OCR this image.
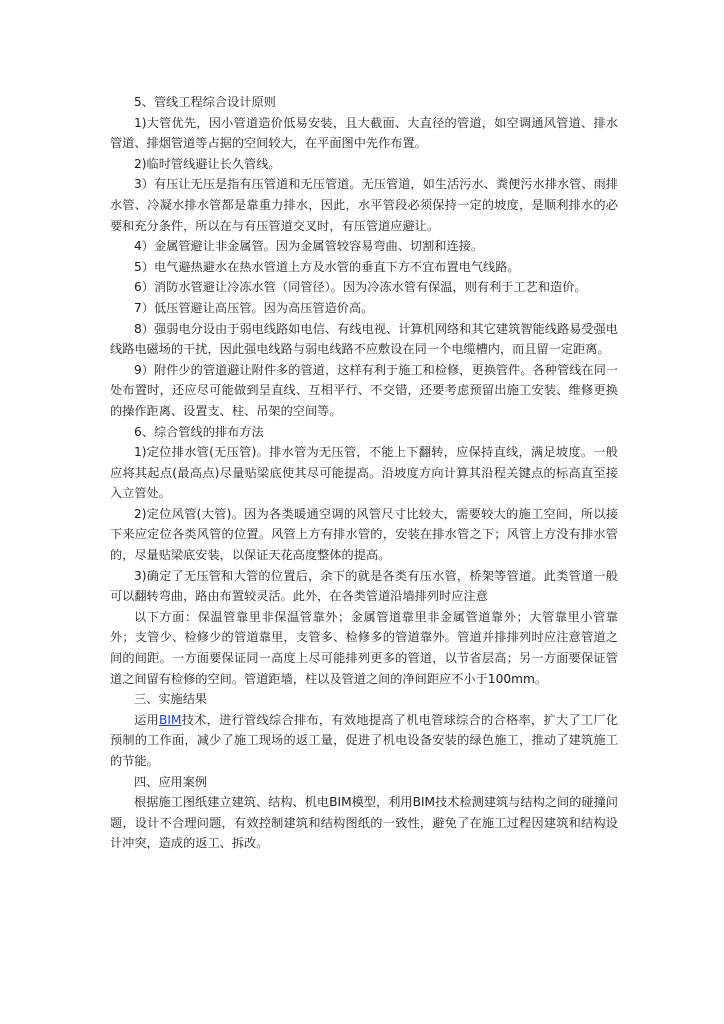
5、管线工程综合设计原则

1)大管优先，因小管道造价低易安装，且大截面、大直径的管道，如空调通风管道、排水管道、排烟管道等占据的空间较大，在平面图中先作布置。

2)临时管线避让长久管线。

3）有压让无压是指有压管道和无压管道。无压管道，如生活污水、粪便污水排水管、雨排水管、冷凝水排水管都是靠重力排水，因此，水平管段必须保持一定的坡度，是顺利排水的必要和充分条件，所以在与有压管道交叉时，有压管道应避让。

4）金属管避让非金属管。因为金属管较容易弯曲、切割和连接。

5）电气避热避水在热水管道上方及水管的垂直下方不宜布置电气线路。

6）消防水管避让冷冻水管（同管径）。因为冷冻水管有保温，则有利于工艺和造价。

7）低压管避让高压管。因为高压管造价高。

8）强弱电分设由于弱电线路如电信、有线电视、计算机网络和其它建筑智能线路易受强电线路电磁场的干扰，因此强电线路与弱电线路不应敷设在同一个电缆槽内，而且留一定距离。

9）附件少的管道避让附件多的管道，这样有利于施工和检修，更换管件。各种管线在同一处布置时，还应尽可能做到呈直线、互相平行、不交错，还要考虑预留出施工安装、维修更换的操作距离、设置支、柱、吊架的空间等。

6、综合管线的排布方法

1)定位排水管(无压管)。排水管为无压管，不能上下翻转，应保持直线，满足坡度。一般应将其起点(最高点)尽量贴梁底使其尽可能提高。沿坡度方向计算其沿程关键点的标高直至接入立管处。

2)定位风管(大管)。因为各类暖通空调的风管尺寸比较大，需要较大的施工空间，所以接下来应定位各类风管的位置。风管上方有排水管的，安装在排水管之下；风管上方没有排水管的，尽量贴梁底安装，以保证天花高度整体的提高。

3)确定了无压管和大管的位置后，余下的就是各类有压水管，桥架等管道。此类管道一般可以翻转弯曲，路由布置较灵活。此外，在各类管道沿墙排列时应注意

以下方面：保温管靠里非保温管靠外；金属管道靠里非金属管道靠外；大管靠里小管靠外；支管少、检修少的管道靠里，支管多、检修多的管道靠外。管道并排排列时应注意管道之间的间距。一方面要保证同一高度上尽可能排列更多的管道，以节省层高；另一方面要保证管道之间留有检修的空间。管道距墙，柱以及管道之间的净间距应不小于100mm。

三、实施结果

运用BIM技术，进行管线综合排布，有效地提高了机电管球综合的合格率，扩大了工厂化预制的工作面，减少了施工现场的返工量，促进了机电设备安装的绿色施工，推动了建筑施工的节能。

四、应用案例

根据施工图纸建立建筑、结构、机电BIM模型，利用BIM技术检测建筑与结构之间的碰撞问题，设计不合理问题，有效控制建筑和结构图纸的一致性，避免了在施工过程因建筑和结构设计冲突，造成的返工、拆改。
